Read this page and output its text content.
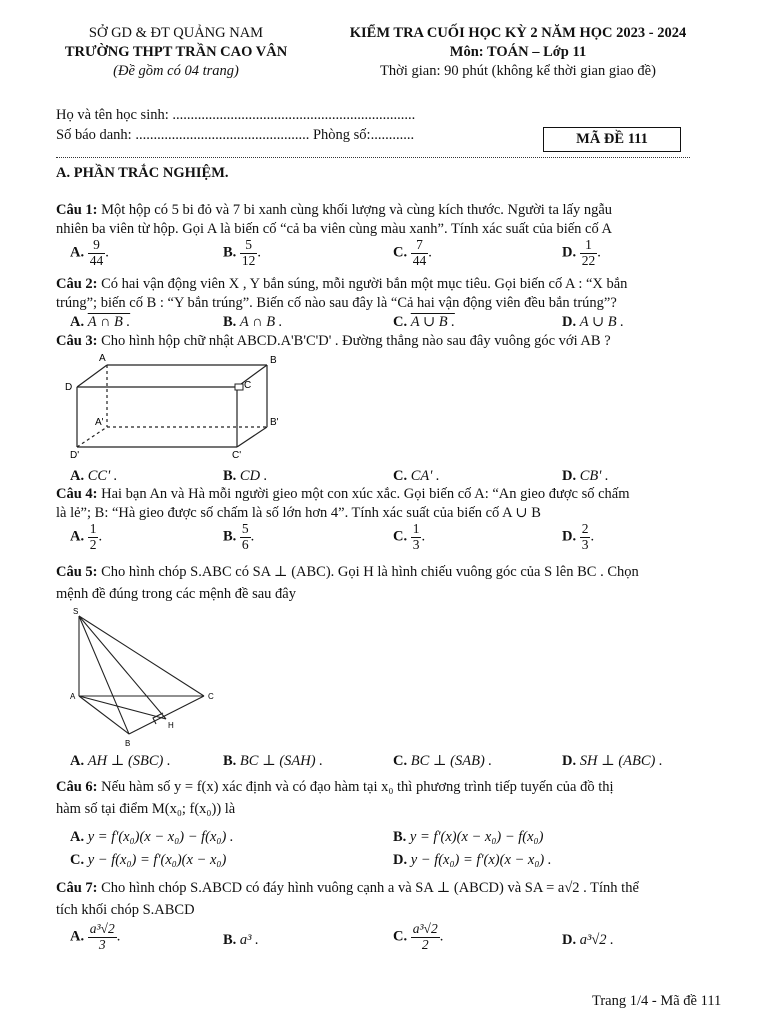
SỞ GD & ĐT QUẢNG NAM
TRƯỜNG THPT TRẦN CAO VÂN
(Đề gồm có 04 trang)
KIỂM TRA CUỐI HỌC KỲ 2 NĂM HỌC 2023 - 2024
Môn: TOÁN – Lớp 11
Thời gian: 90 phút (không kể thời gian giao đề)
Họ và tên học sinh: ...................................................................
Số báo danh: ................................................ Phòng số:............	MÃ ĐỀ 111
A. PHẦN TRẮC NGHIỆM.
Câu 1: Một hộp có 5 bi đỏ và 7 bi xanh cùng khối lượng và cùng kích thước. Người ta lấy ngẫu
nhiên ba viên từ hộp. Gọi A là biến cố “cả ba viên cùng màu xanh”. Tính xác suất của biến cố A
A. $\frac{9}{44}$ .	B. $\frac{5}{12}$ .	C. $\frac{7}{44}$ .	D. $\frac{1}{22}$ .
Câu 2: Có hai vận động viên X , Y bắn súng, mỗi người bắn một mục tiêu. Gọi biến cố A : “X bắn
trúng”; biến cố B : “Y bắn trúng”. Biến cố nào sau đây là “Cả hai vận động viên đều bắn trúng”?
A. A ∩ B .	B. A ∩ B .	C. A ∪ B .	D. A ∪ B .
Câu 3: Cho hình hộp chữ nhật ABCD.A'B'C'D' . Đường thẳng nào sau đây vuông góc với AB ?
A	B
C
D
A'	B'
C'
D'
A. CC' .	B. CD .	C. CA' .	D. CB' .
Câu 4: Hai bạn An và Hà mỗi người gieo một con xúc xắc. Gọi biến cố A: “An gieo được số chấm
là lẻ”; B: “Hà gieo được số chấm là số lớn hơn 4”. Tính xác suất của biến cố A ∪ B
A. $\frac{1}{2}$ .	B. $\frac{5}{6}$ .	C. $\frac{1}{3}$ .	D. $\frac{2}{3}$ .
Câu 5: Cho hình chóp S.ABC có SA ⊥ (ABC). Gọi H là hình chiếu vuông góc của S lên BC . Chọn
mệnh đề đúng trong các mệnh đề sau đây
S
A	C
B
H
A. AH ⊥ (SBC) .	B. BC ⊥ (SAH) .	C. BC ⊥ (SAB) .	D. SH ⊥ (ABC) .
Câu 6: Nếu hàm số y = f(x) xác định và có đạo hàm tại x₀ thì phương trình tiếp tuyến của đồ thị
hàm số tại điểm M(x₀; f(x₀)) là
A. y = f'(x₀)(x − x₀) − f(x₀) .	B. y = f'(x)(x − x₀) − f(x₀)
C. y − f(x₀) = f'(x₀)(x − x₀)	D. y − f(x₀) = f'(x)(x − x₀) .
Câu 7: Cho hình chóp S.ABCD có đáy hình vuông cạnh a và SA ⊥ (ABCD) và SA = a√2 . Tính thể
tích khối chóp S.ABCD
A. $\frac{\text{a³√2}}{3}$ .	B. a³ .	C. $\frac{\text{a³√2}}{2}$ .	D. a³√2 .
Trang 1/4 - Mã đề 111
